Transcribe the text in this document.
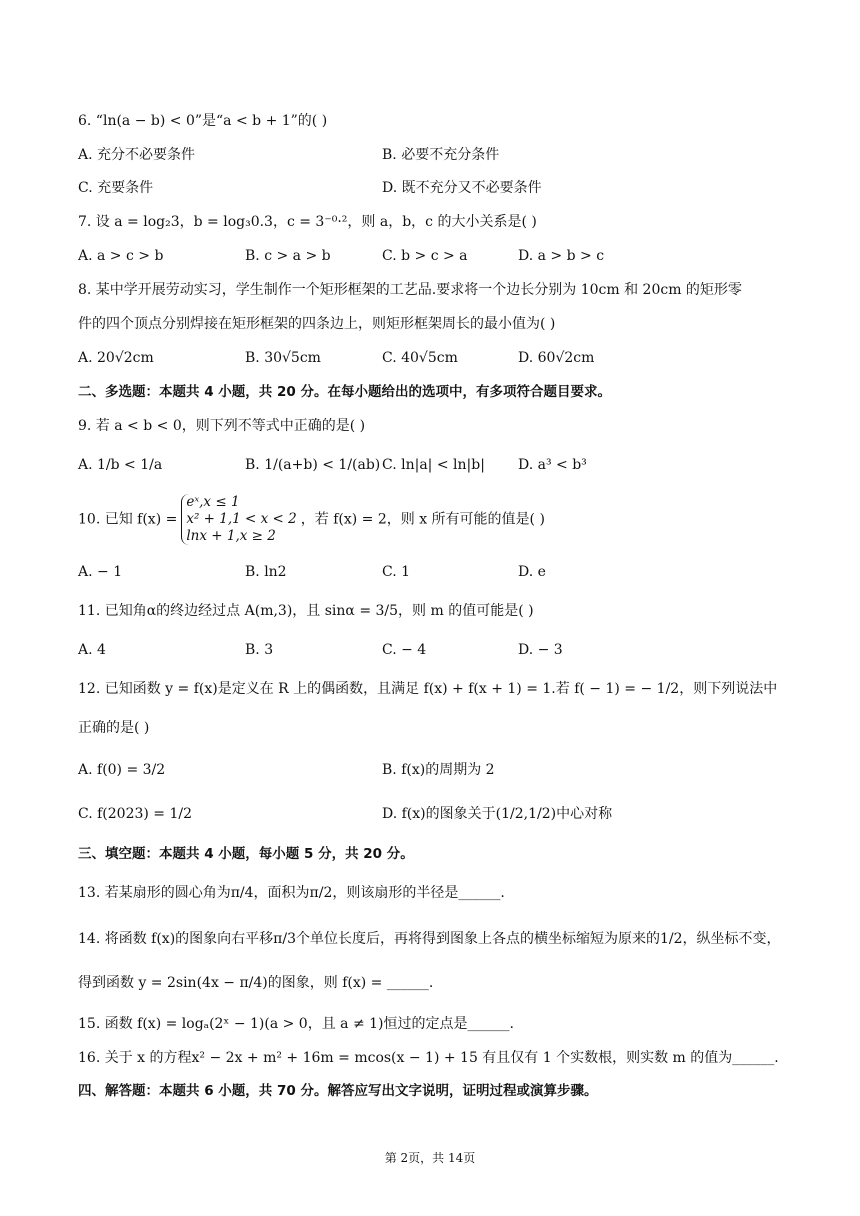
6. “ln(a − b) < 0”是“a < b + 1”的( )
A. 充分不必要条件	B. 必要不充分条件
C. 充要条件	D. 既不充分又不必要条件
7. 设 a = log₂3，b = log₃0.3，c = 3⁻⁰·²，则 a，b，c 的大小关系是( )
A. a > c > b	B. c > a > b	C. b > c > a	D. a > b > c
8. 某中学开展劳动实习，学生制作一个矩形框架的工艺品.要求将一个边长分别为 10cm 和 20cm 的矩形零
件的四个顶点分别焊接在矩形框架的四条边上，则矩形框架周长的最小值为( )
A. 20√2cm	B. 30√5cm	C. 40√5cm	D. 60√2cm
二、多选题：本题共 4 小题，共 20 分。在每小题给出的选项中，有多项符合题目要求。
9. 若 a < b < 0，则下列不等式中正确的是( )
A. 1/b < 1/a	B. 1/(a+b) < 1/(ab) C. ln|a| < ln|b| D. a³ < b³
10. 已知 f(x) =
eˣ,x ≤ 1
x² + 1,1 < x < 2
lnx + 1,x ≥ 2
，若 f(x) = 2，则 x 所有可能的值是( )
A. − 1	B. ln2	C. 1	D. e
11. 已知角α的终边经过点 A(m,3)，且 sinα = 3/5，则 m 的值可能是( )
A. 4	B. 3	C. − 4	D. − 3
12. 已知函数 y = f(x)是定义在 R 上的偶函数，且满足 f(x) + f(x + 1) = 1.若 f( − 1) = − 1/2，则下列说法中
正确的是( )
A. f(0) = 3/2	B. f(x)的周期为 2
C. f(2023) = 1/2	D. f(x)的图象关于(1/2,1/2)中心对称
三、填空题：本题共 4 小题，每小题 5 分，共 20 分。
13. 若某扇形的圆心角为π/4，面积为π/2，则该扇形的半径是______.
14. 将函数 f(x)的图象向右平移π/3个单位长度后，再将得到图象上各点的横坐标缩短为原来的1/2，纵坐标不变，
得到函数 y = 2sin(4x − π/4)的图象，则 f(x) = ______.
15. 函数 f(x) = logₐ(2ˣ − 1)(a > 0，且 a ≠ 1)恒过的定点是______.
16. 关于 x 的方程x² − 2x + m² + 16m = mcos(x − 1) + 15 有且仅有 1 个实数根，则实数 m 的值为______.
四、解答题：本题共 6 小题，共 70 分。解答应写出文字说明，证明过程或演算步骤。
第 2页，共 14页
